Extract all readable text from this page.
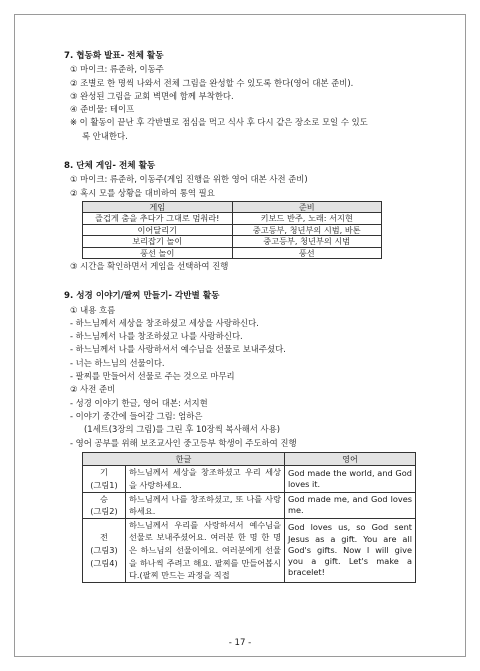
7. 협동화 발표- 전체 활동
① 마이크: 류준하, 이동주
② 조별로 한 명씩 나와서 전체 그림을 완성할 수 있도록 한다(영어 대본 준비).
③ 완성된 그림을 교회 벽면에 함께 부착한다.
④ 준비물: 테이프
※ 이 활동이 끝난 후 각반별로 점심을 먹고 식사 후 다시 같은 장소로 모일 수 있도
록 안내한다.
8. 단체 게임- 전체 활동
① 마이크: 류준하, 이동주(게임 진행을 위한 영어 대본 사전 준비)
② 혹시 모를 상황을 대비하여 통역 필요
게임	준비
즐겁게 춤을 추다가 그대로 멈춰라!	키보드 반주, 노래: 서지현
이어달리기	중고등부, 청년부의 시범, 바톤
보리잡기 놀이	중고등부, 청년부의 시범
풍선 놀이	풍선
③ 시간을 확인하면서 게임을 선택하여 진행
9. 성경 이야기/팔찌 만들기- 각반별 활동
① 내용 흐름
- 하느님께서 세상을 창조하셨고 세상을 사랑하신다.
- 하느님께서 나를 창조하셨고 나를 사랑하신다.
- 하느님께서 나를 사랑하셔서 예수님을 선물로 보내주셨다.
- 너는 하느님의 선물이다.
- 팔찌를 만들어서 선물로 주는 것으로 마무리
② 사전 준비
- 성경 이야기 한글, 영어 대본: 서지현
- 이야기 중간에 들어갈 그림: 엄하은
(1세트(3장의 그림)를 그린 후 10장씩 복사해서 사용)
- 영어 공부를 위해 보조교사인 중고등부 학생이 주도하여 진행
한글		영어
기
(그림1)	하느님께서 세상을 창조하셨고 우리 세상을 사랑하세요.	God made the world, and God loves it.
승
(그림2)	하느님께서 나를 창조하셨고, 또 나를 사랑하세요.	God made me, and God loves me.
전
(그림3)
(그림4)	하느님께서 우리를 사랑하셔서 예수님을 선물로 보내주셨어요. 여러분 한 명 한 명은 하느님의 선물이에요. 여러분에게 선물을 하나씩 주려고 해요. 팔찌를 만들어봅시다.(팔찌 만드는 과정을 직접	God loves us, so God sent Jesus as a gift. You are all God's gifts. Now I will give you a gift. Let's make a bracelet!
- 17 -
